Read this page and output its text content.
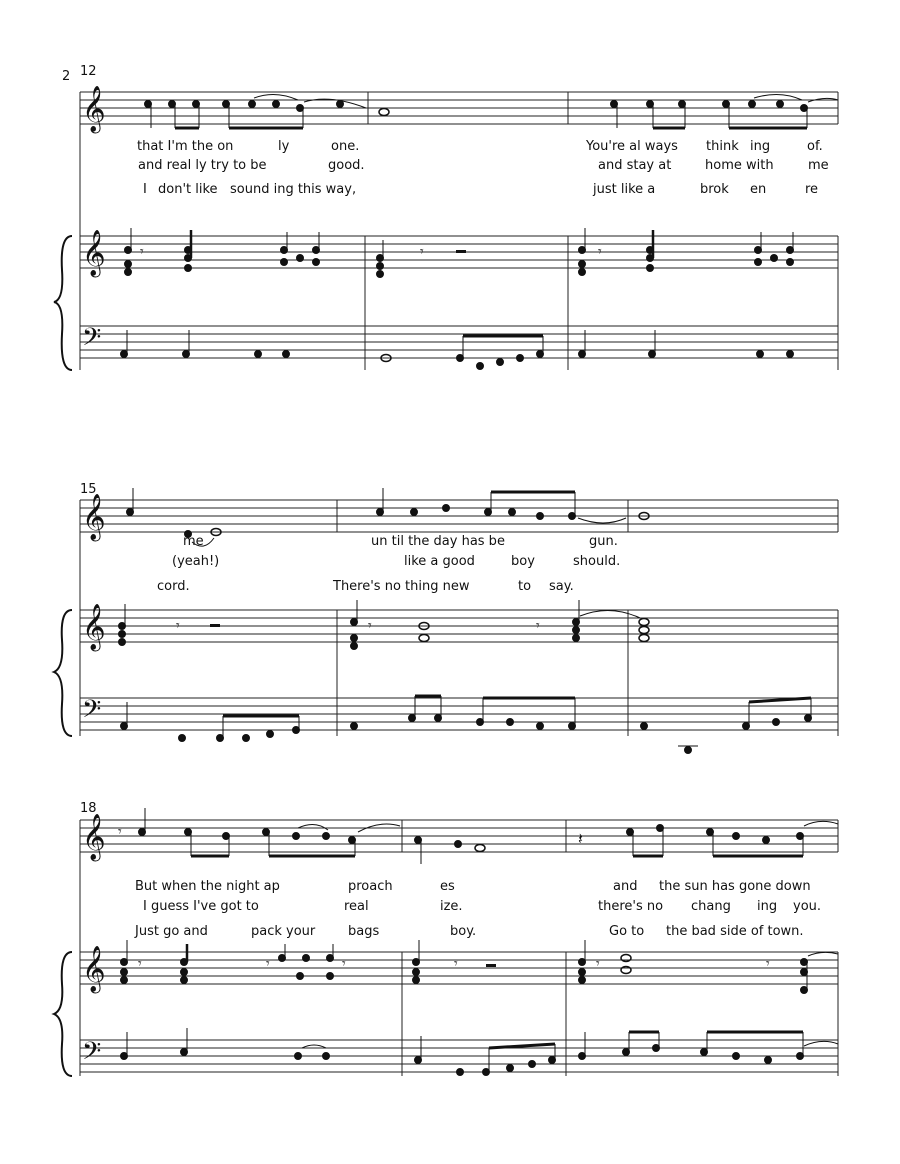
2 12
𝄞
that I'm the on	ly	one.	You're al ways think ing	of.
and real ly try to be	good.	and stay at	home with	me
I don't like sound ing this way,	just like a	brok en	re
𝄞 𝄾	𝄾	𝄾
𝄢
15
𝄞
me	un til the day has be	gun.
(yeah!)	like a good	boy	should.
cord.	There's no thing new	to say.
𝄞	𝄾	𝄾	𝄾
𝄢
18
𝄞 𝄾	𝄽
But when the night ap	proach	es	and the sun has gone down
I guess I've got to	real	ize.	there's no chang ing you.
Just go and	pack your	bags	boy.	Go to the bad side of town.
𝄞 𝄾	𝄾	𝄾	𝄾	𝄾	𝄾
𝄢
